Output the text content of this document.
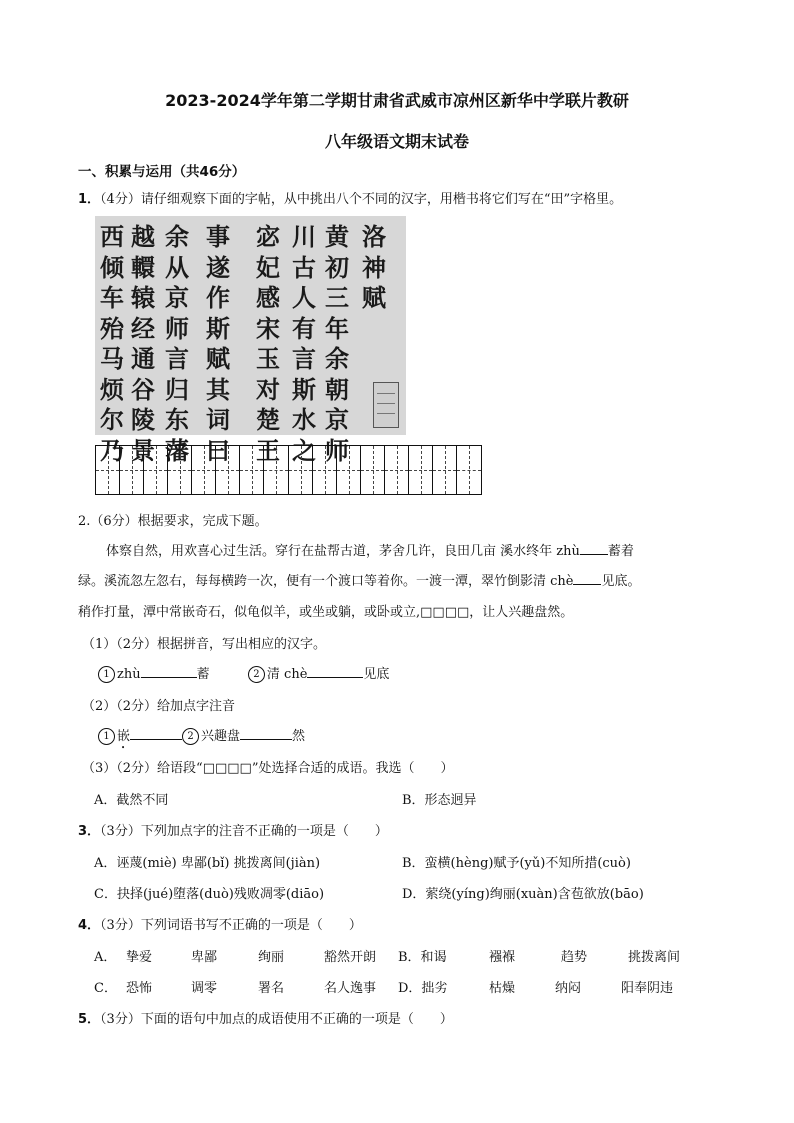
2023-2024学年第二学期甘肃省武威市凉州区新华中学联片教研
八年级语文期末试卷
一、积累与运用（共46分）
1．（4分）请仔细观察下面的字帖，从中挑出八个不同的汉字，用楷书将它们写在“田”字格里。
洛
神
赋
黄
初
三
年
余
朝
京
师
川
古
人
有
言
斯
水
之
宓
妃
感
宋
玉
对
楚
王
事
遂
作
斯
赋
其
词
曰
余
从
京
师
言
归
东
藩
越
轘
辕
经
通
谷
陵
景
西
倾
车
殆
马
烦
尔
乃
2.（6分）根据要求，完成下题。
体察自然，用欢喜心过生活。穿行在盐帮古道，茅舍几许，良田几亩 溪水终年 zhù 蓄着
绿。溪流忽左忽右，每每横跨一次，便有一个渡口等着你。一渡一潭，翠竹倒影清 chè 见底。
稍作打量，潭中常嵌奇石，似龟似羊，或坐或躺，或卧或立,□□□□，让人兴趣盘然。
（1）（2分）根据拼音，写出相应的汉字。
1 zhù	蓄	2 清 chè	见底
（2）（2分）给加点字注音
1 嵌	2 兴趣盘	然
（3）（2分）给语段“□□□□”处选择合适的成语。我选（　　）
A．截然不同	B．形态迥异
3．（3分）下列加点字的注音不正确的一项是（　　）
A．诬蔑(miè) 卑鄙(bǐ) 挑拨离间(jiàn)	B．蛮横(hèng)赋予(yǔ)不知所措(cuò)
C．抉择(jué)堕落(duò)残败凋零(diāo)	D．萦绕(yíng)绚丽(xuàn)含苞欲放(bāo)
4．（3分）下列词语书写不正确的一项是（　　）
A． 挚爱	卑鄙	绚丽	豁然开朗 B．和谒	襁褓	趋势	挑拨离间
C． 恐怖	调零	署名	名人逸事 D．拙劣	枯燥	纳闷	阳奉阴违
5．（3分）下面的语句中加点的成语使用不正确的一项是（　　）
